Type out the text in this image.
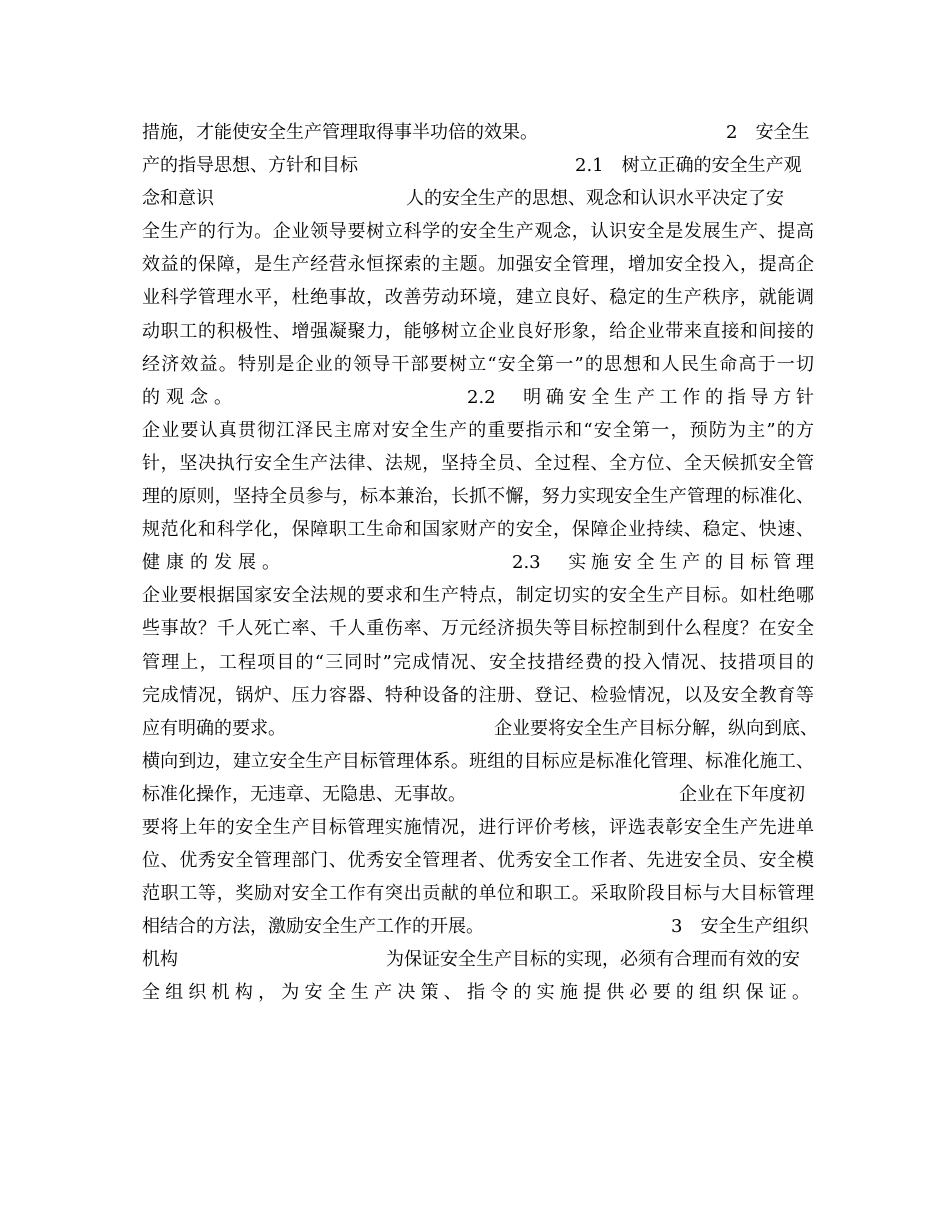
措施，才能使安全生产管理取得事半功倍的效果。	2　安全生
产的指导思想、方针和目标	2.1　树立正确的安全生产观
念和意识	人的安全生产的思想、观念和认识水平决定了安
全生产的行为。企业领导要树立科学的安全生产观念，认识安全是发展生产、提高
效益的保障，是生产经营永恒探索的主题。加强安全管理，增加安全投入，提高企
业科学管理水平，杜绝事故，改善劳动环境，建立良好、稳定的生产秩序，就能调
动职工的积极性、增强凝聚力，能够树立企业良好形象，给企业带来直接和间接的
经济效益。特别是企业的领导干部要树立“安全第一”的思想和人民生命高于一切
的观念。	2.2　明确安全生产工作的指导方针
企业要认真贯彻江泽民主席对安全生产的重要指示和“安全第一，预防为主”的方
针，坚决执行安全生产法律、法规，坚持全员、全过程、全方位、全天候抓安全管
理的原则，坚持全员参与，标本兼治，长抓不懈，努力实现安全生产管理的标准化、
规范化和科学化，保障职工生命和国家财产的安全，保障企业持续、稳定、快速、
健康的发展。	2.3　实施安全生产的目标管理
企业要根据国家安全法规的要求和生产特点，制定切实的安全生产目标。如杜绝哪
些事故？千人死亡率、千人重伤率、万元经济损失等目标控制到什么程度？在安全
管理上，工程项目的“三同时”完成情况、安全技措经费的投入情况、技措项目的
完成情况，锅炉、压力容器、特种设备的注册、登记、检验情况，以及安全教育等
应有明确的要求。	企业要将安全生产目标分解，纵向到底、
横向到边，建立安全生产目标管理体系。班组的目标应是标准化管理、标准化施工、
标准化操作，无违章、无隐患、无事故。	企业在下年度初
要将上年的安全生产目标管理实施情况，进行评价考核，评选表彰安全生产先进单
位、优秀安全管理部门、优秀安全管理者、优秀安全工作者、先进安全员、安全模
范职工等，奖励对安全工作有突出贡献的单位和职工。采取阶段目标与大目标管理
相结合的方法，激励安全生产工作的开展。	3　安全生产组织
机构	为保证安全生产目标的实现，必须有合理而有效的安
全组织机构，为安全生产决策、指令的实施提供必要的组织保证。
